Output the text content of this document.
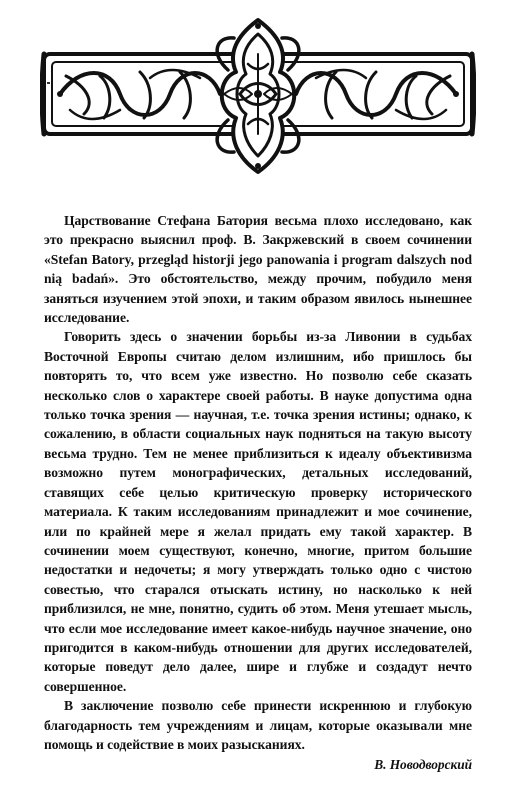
Царствование Стефана Батория весьма плохо исследовано, как это прекрасно выяснил проф. В. Закржевский в своем сочинении «Stefan Batory, przegląd historji jego panowania i program dalszych nod nią badań». Это обстоятельство, между прочим, побудило меня заняться изучением этой эпохи, и таким образом явилось нынешнее исследование.

Говорить здесь о значении борьбы из-за Ливонии в судьбах Восточной Европы считаю делом излишним, ибо пришлось бы повторять то, что всем уже известно. Но позволю себе сказать несколько слов о характере своей работы. В науке допустима одна только точка зрения — научная, т.е. точка зрения истины; однако, к сожалению, в области социальных наук подняться на такую высоту весьма трудно. Тем не менее приблизиться к идеалу объективизма возможно путем монографических, детальных исследований, ставящих себе целью критическую проверку исторического материала. К таким исследованиям принадлежит и мое сочинение, или по крайней мере я желал придать ему такой характер. В сочинении моем существуют, конечно, многие, притом большие недостатки и недочеты; я могу утверждать только одно с чистою совестью, что старался отыскать истину, но насколько к ней приблизился, не мне, понятно, судить об этом. Меня утешает мысль, что если мое исследование имеет какое-нибудь научное значение, оно пригодится в каком-нибудь отношении для других исследователей, которые поведут дело далее, шире и глубже и создадут нечто совершенное.

В заключение позволю себе принести искреннюю и глубокую благодарность тем учреждениям и лицам, которые оказывали мне помощь и содействие в моих разысканиях.

В. Новодворский
